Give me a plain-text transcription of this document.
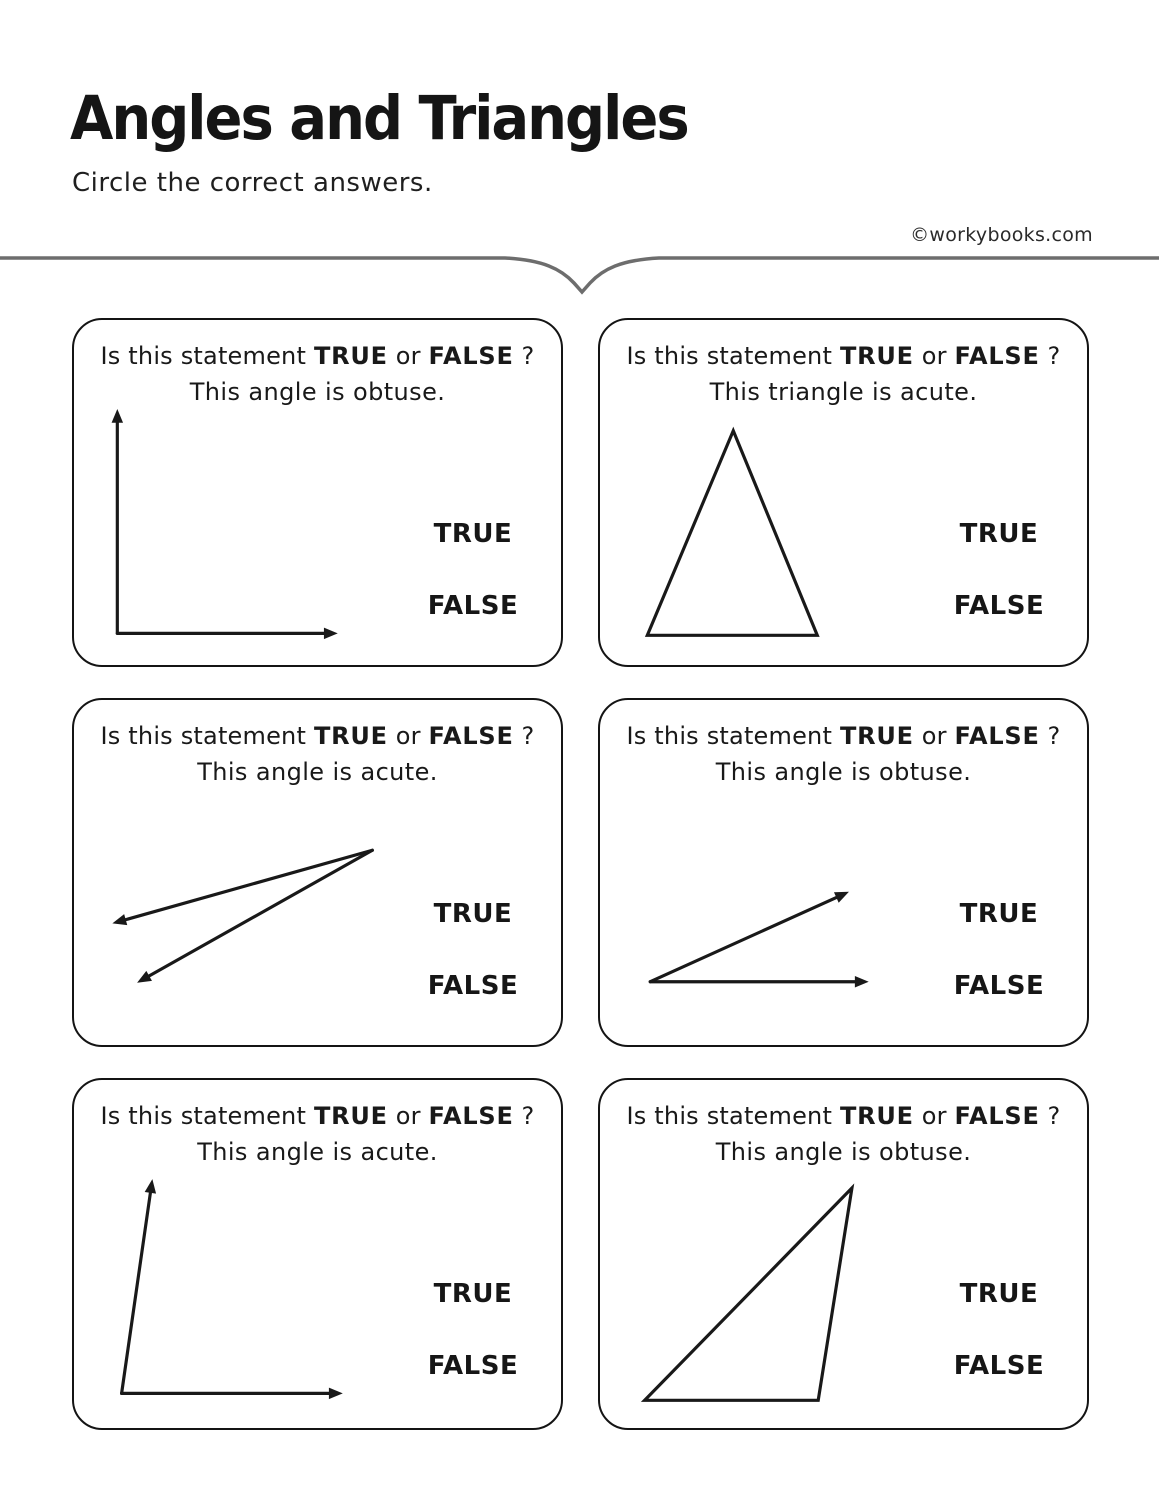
Angles and Triangles
Circle the correct answers.
©workybooks.com
Is this statement TRUE or FALSE ?
This angle is obtuse.
TRUE
FALSE
Is this statement TRUE or FALSE ?
This triangle is acute.
TRUE
FALSE
Is this statement TRUE or FALSE ?
This angle is acute.
TRUE
FALSE
Is this statement TRUE or FALSE ?
This angle is obtuse.
TRUE
FALSE
Is this statement TRUE or FALSE ?
This angle is acute.
TRUE
FALSE
Is this statement TRUE or FALSE ?
This angle is obtuse.
TRUE
FALSE
